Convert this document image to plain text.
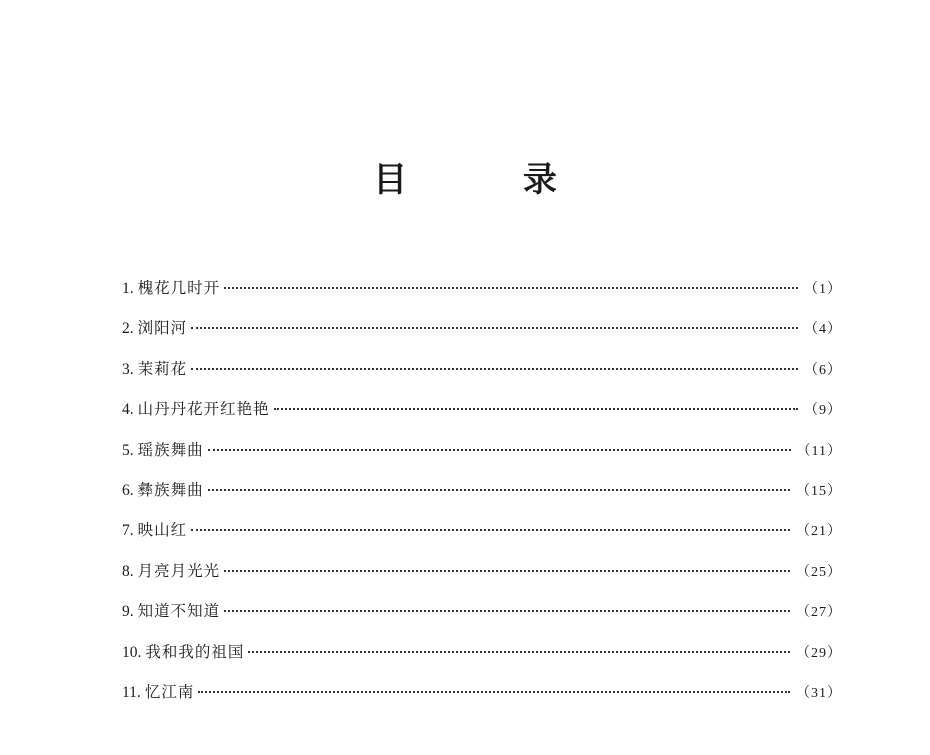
目 录
1. 槐花几时开	（1）
2. 浏阳河	（4）
3. 茉莉花	（6）
4. 山丹丹花开红艳艳	（9）
5. 瑶族舞曲	（11）
6. 彝族舞曲	（15）
7. 映山红	（21）
8. 月亮月光光	（25）
9. 知道不知道	（27）
10. 我和我的祖国	（29）
11. 忆江南	（31）
